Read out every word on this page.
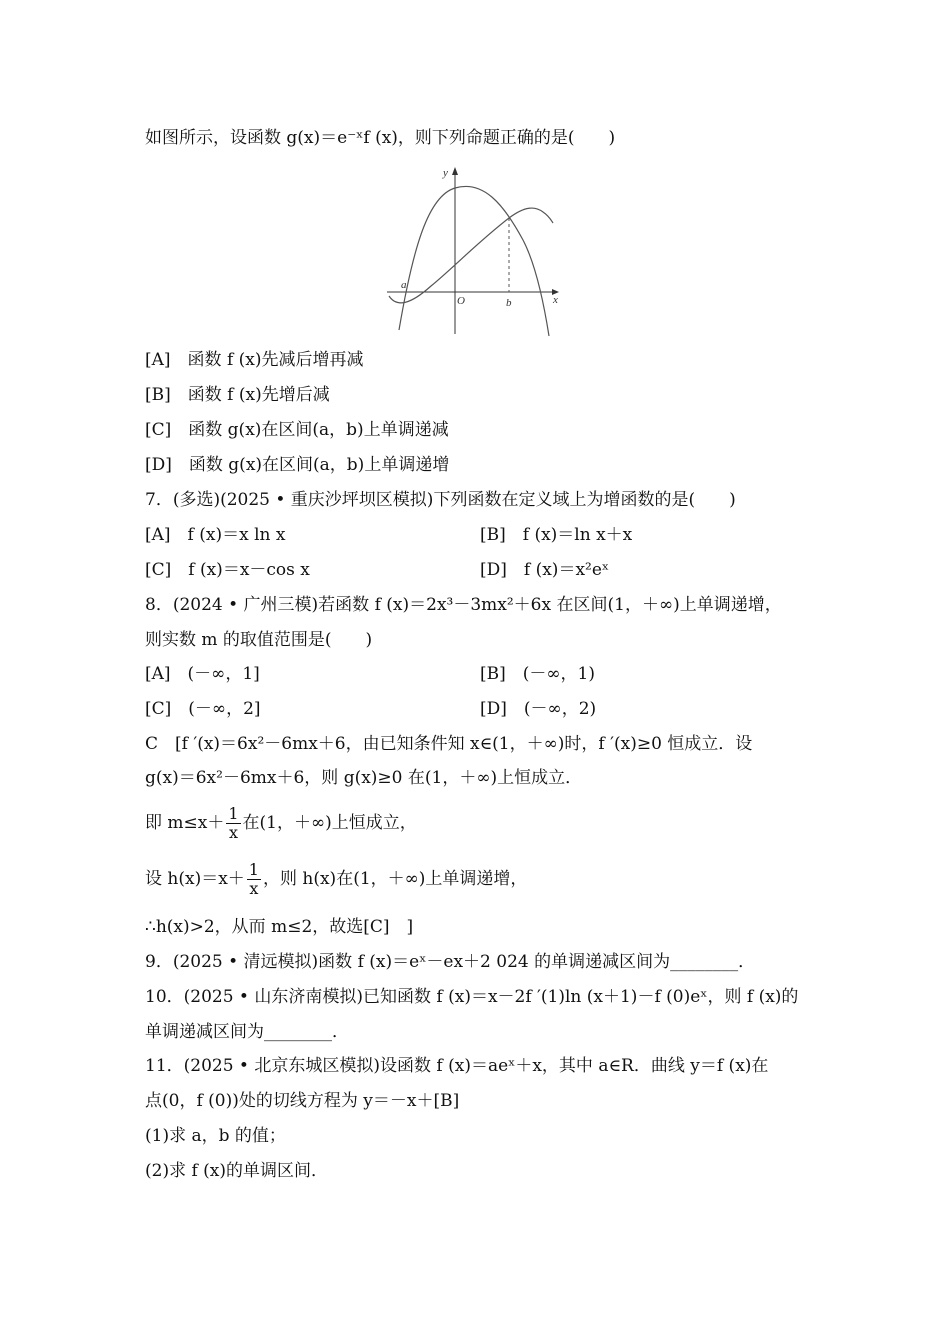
如图所示，设函数 g(x)＝e⁻ˣf (x)，则下列命题正确的是(　　)
y
x
O
a
b
[A]　函数 f (x)先减后增再减
[B]　函数 f (x)先增后减
[C]　函数 g(x)在区间(a，b)上单调递减
[D]　函数 g(x)在区间(a，b)上单调递增
7．(多选)(2025 • 重庆沙坪坝区模拟)下列函数在定义域上为增函数的是(　　)
[A]　f (x)＝x ln x	[B]　f (x)＝ln x＋x
[C]　f (x)＝x－cos x	[D]　f (x)＝x²eˣ
8．(2024 • 广州三模)若函数 f (x)＝2x³－3mx²＋6x 在区间(1，＋∞)上单调递增，
则实数 m 的取值范围是(　　)
[A]　(－∞，1]	[B]　(－∞，1)
[C]　(－∞，2]	[D]　(－∞，2)
C　[f ′(x)＝6x²－6mx＋6，由已知条件知 x∈(1，＋∞)时，f ′(x)≥0 恒成立．设
g(x)＝6x²－6mx＋6，则 g(x)≥0 在(1，＋∞)上恒成立．
即 $m\le x+ \frac{1}{x}$ 在(1，＋∞)上恒成立，
设 $h(x)=x+ \frac{1}{x}$ ，则 h(x)在(1，＋∞)上单调递增，
∴h(x)>2，从而 m≤2，故选[C]　]
9．(2025 • 清远模拟)函数 f (x)＝eˣ－ex＋2 024 的单调递减区间为________．
10．(2025 • 山东济南模拟)已知函数 f (x)＝x－2f ′(1)ln (x＋1)－f (0)eˣ，则 f (x)的
单调递减区间为________．
11．(2025 • 北京东城区模拟)设函数 f (x)＝aeˣ＋x，其中 a∈R．曲线 y＝f (x)在
点(0，f (0))处的切线方程为 y＝－x＋[B]
(1)求 a，b 的值；
(2)求 f (x)的单调区间．
